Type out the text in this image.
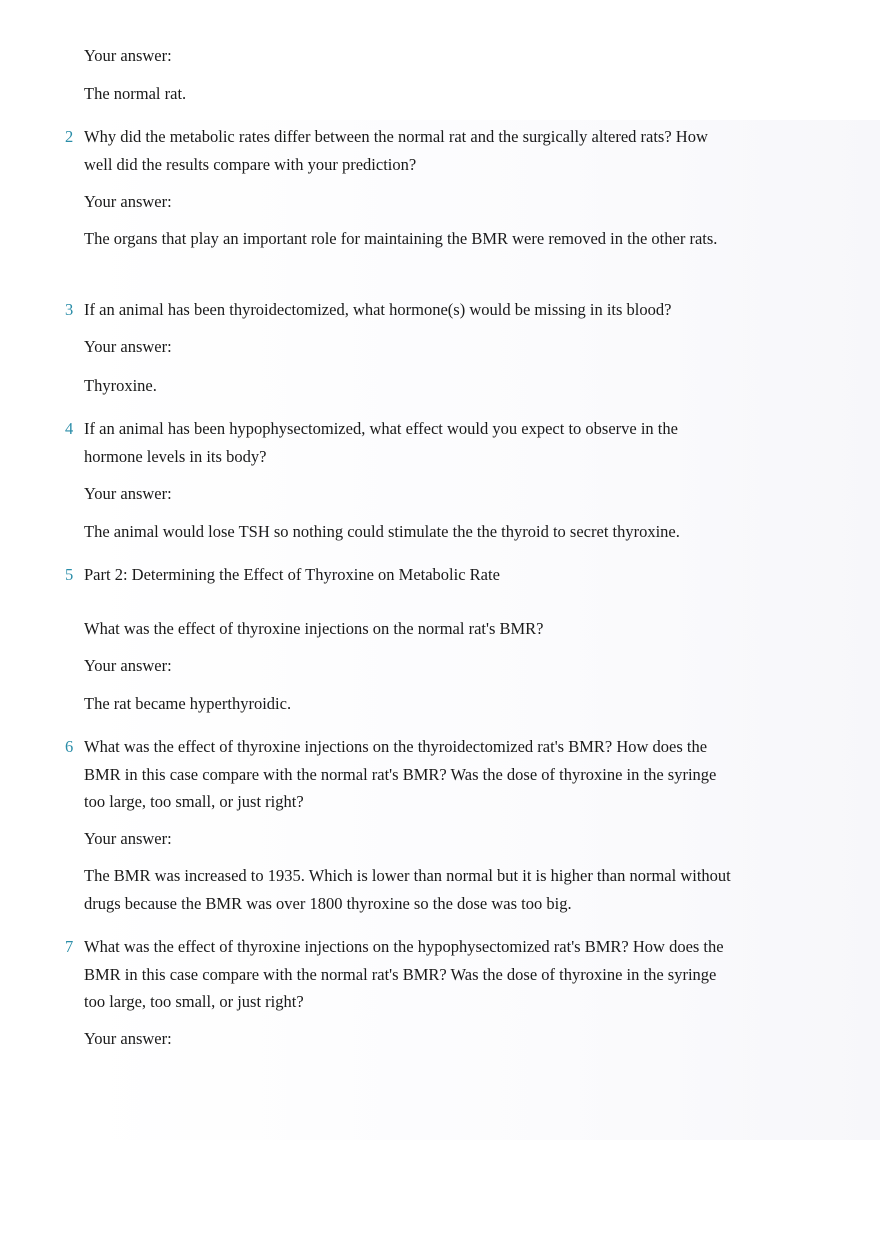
Your answer:
The normal rat.
2 Why did the metabolic rates differ between the normal rat and the surgically altered rats? How well did the results compare with your prediction?
Your answer:
The organs that play an important role for maintaining the BMR were removed in the other rats.
3 If an animal has been thyroidectomized, what hormone(s) would be missing in its blood?
Your answer:
Thyroxine.
4 If an animal has been hypophysectomized, what effect would you expect to observe in the hormone levels in its body?
Your answer:
The animal would lose TSH so nothing could stimulate the the thyroid to secret thyroxine.
5 Part 2: Determining the Effect of Thyroxine on Metabolic Rate
What was the effect of thyroxine injections on the normal rat's BMR?
Your answer:
The rat became hyperthyroidic.
6 What was the effect of thyroxine injections on the thyroidectomized rat's BMR? How does the BMR in this case compare with the normal rat's BMR? Was the dose of thyroxine in the syringe too large, too small, or just right?
Your answer:
The BMR was increased to 1935. Which is lower than normal but it is higher than normal without drugs because the BMR was over 1800 thyroxine so the dose was too big.
7 What was the effect of thyroxine injections on the hypophysectomized rat's BMR? How does the BMR in this case compare with the normal rat's BMR? Was the dose of thyroxine in the syringe too large, too small, or just right?
Your answer:
